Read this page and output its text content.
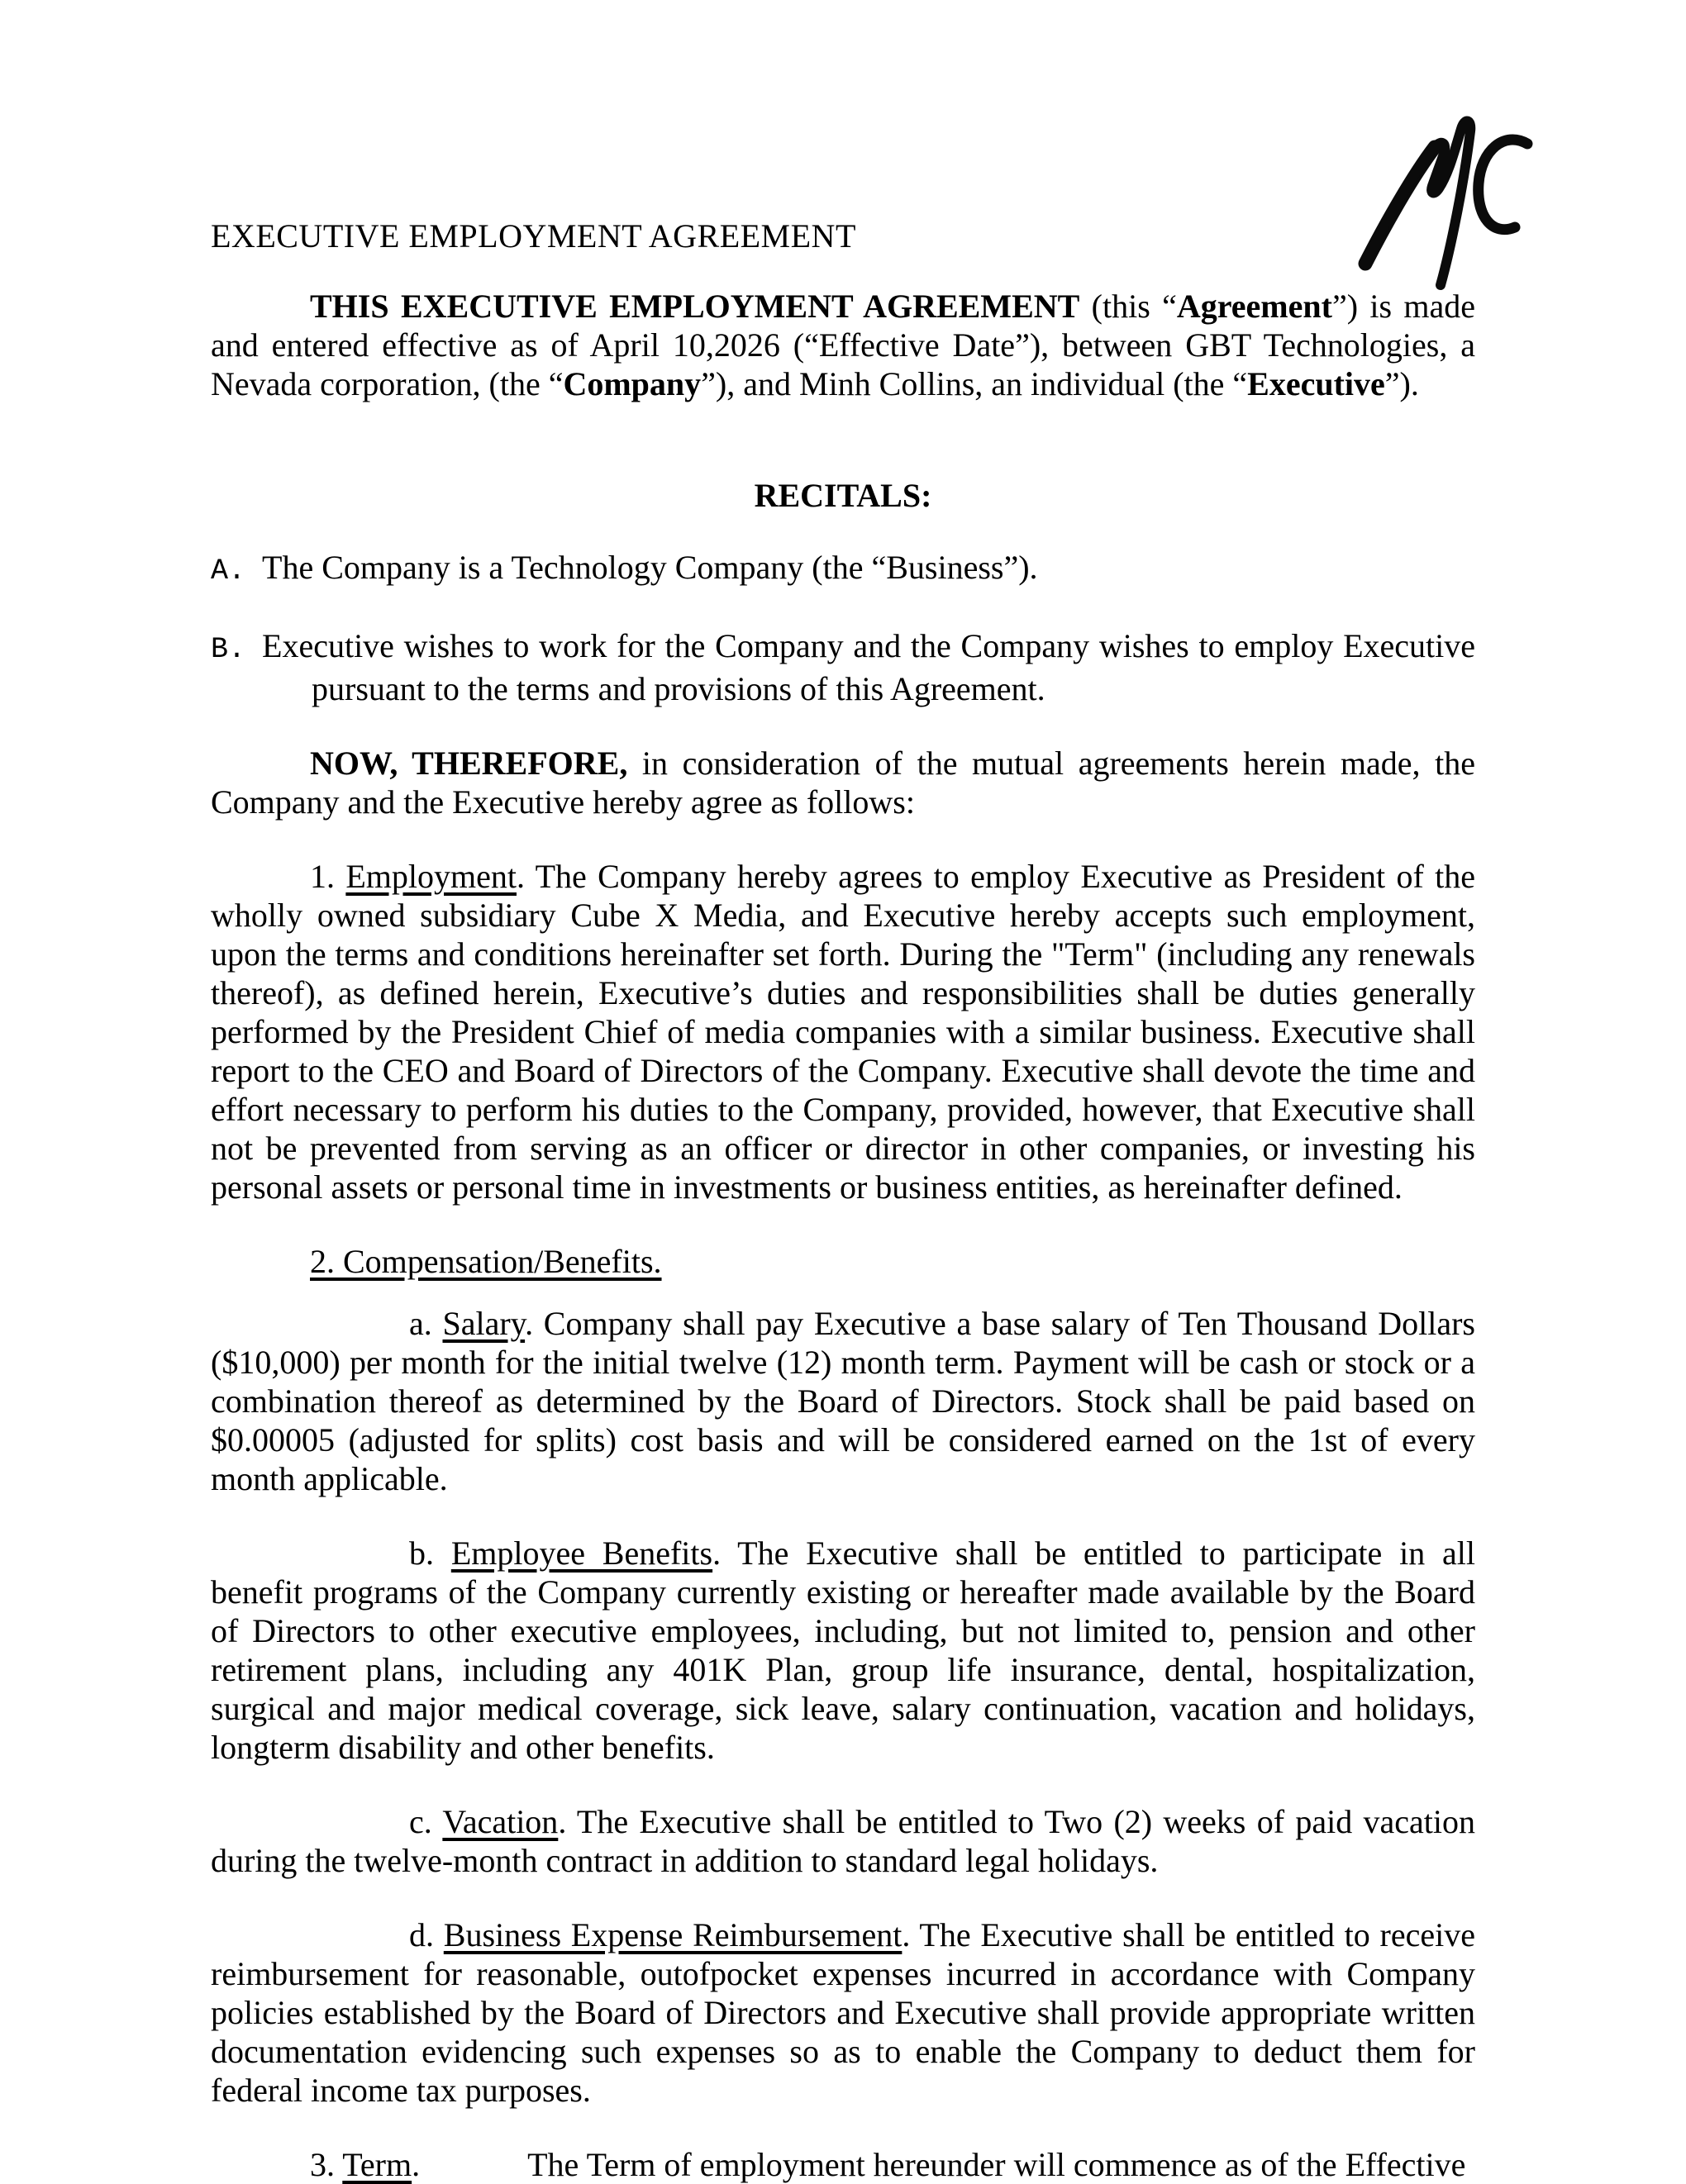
EXECUTIVE EMPLOYMENT AGREEMENT

THIS EXECUTIVE EMPLOYMENT AGREEMENT (this “Agreement”) is made and entered effective as of April 10,2026 (“Effective Date”), between GBT Technologies, a Nevada corporation, (the “Company”), and Minh Collins, an individual (the “Executive”).

RECITALS:

A. The Company is a Technology Company (the “Business”).

B. Executive wishes to work for the Company and the Company wishes to employ Executive pursuant to the terms and provisions of this Agreement.

NOW, THEREFORE, in consideration of the mutual agreements herein made, the Company and the Executive hereby agree as follows:

1. Employment. The Company hereby agrees to employ Executive as President of the wholly owned subsidiary Cube X Media, and Executive hereby accepts such employment, upon the terms and conditions hereinafter set forth. During the "Term" (including any renewals thereof), as defined herein, Executive’s duties and responsibilities shall be duties generally performed by the President Chief of media companies with a similar business. Executive shall report to the CEO and Board of Directors of the Company. Executive shall devote the time and effort necessary to perform his duties to the Company, provided, however, that Executive shall not be prevented from serving as an officer or director in other companies, or investing his personal assets or personal time in investments or business entities, as hereinafter defined.

2. Compensation/Benefits.

a. Salary. Company shall pay Executive a base salary of Ten Thousand Dollars ($10,000) per month for the initial twelve (12) month term. Payment will be cash or stock or a combination thereof as determined by the Board of Directors. Stock shall be paid based on $0.00005 (adjusted for splits) cost basis and will be considered earned on the 1st of every month applicable.

b. Employee Benefits. The Executive shall be entitled to participate in all benefit programs of the Company currently existing or hereafter made available by the Board of Directors to other executive employees, including, but not limited to, pension and other retirement plans, including any 401K Plan, group life insurance, dental, hospitalization, surgical and major medical coverage, sick leave, salary continuation, vacation and holidays, longterm disability and other benefits.

c. Vacation. The Executive shall be entitled to Two (2) weeks of paid vacation during the twelve-month contract in addition to standard legal holidays.

d. Business Expense Reimbursement. The Executive shall be entitled to receive reimbursement for reasonable, outofpocket expenses incurred in accordance with Company policies established by the Board of Directors and Executive shall provide appropriate written documentation evidencing such expenses so as to enable the Company to deduct them for federal income tax purposes.

3. Term.	The Term of employment hereunder will commence as of the Effective
